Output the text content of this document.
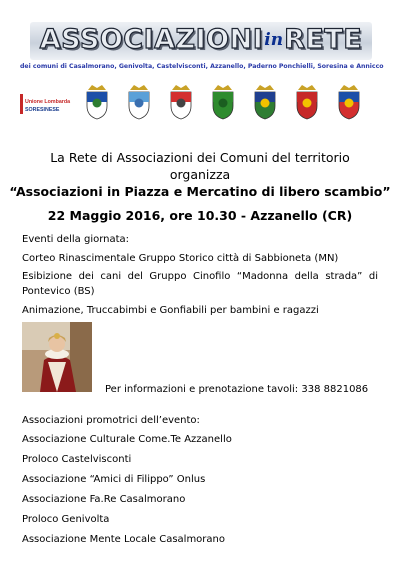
ASSOCIAZIONIinRETE
dei comuni di Casalmorano, Genivolta, Castelvisconti, Azzanello, Paderno Ponchielli, Soresina e Annicco
Unione Lombarda
SORESINESE
La Rete di Associazioni dei Comuni del territorio
organizza
“Associazioni in Piazza e Mercatino di libero scambio”
22 Maggio 2016, ore 10.30 - Azzanello (CR)
Eventi della giornata:
Corteo Rinascimentale Gruppo Storico città di Sabbioneta (MN)
Esibizione dei cani del Gruppo Cinofilo “Madonna della strada” di Pontevico (BS)
Animazione, Truccabimbi e Gonfiabili per bambini e ragazzi
Per informazioni e prenotazione tavoli: 338 8821086
Associazioni promotrici dell’evento:
Associazione Culturale Come.Te Azzanello
Proloco Castelvisconti
Associazione “Amici di Filippo” Onlus
Associazione Fa.Re Casalmorano
Proloco Genivolta
Associazione Mente Locale Casalmorano
